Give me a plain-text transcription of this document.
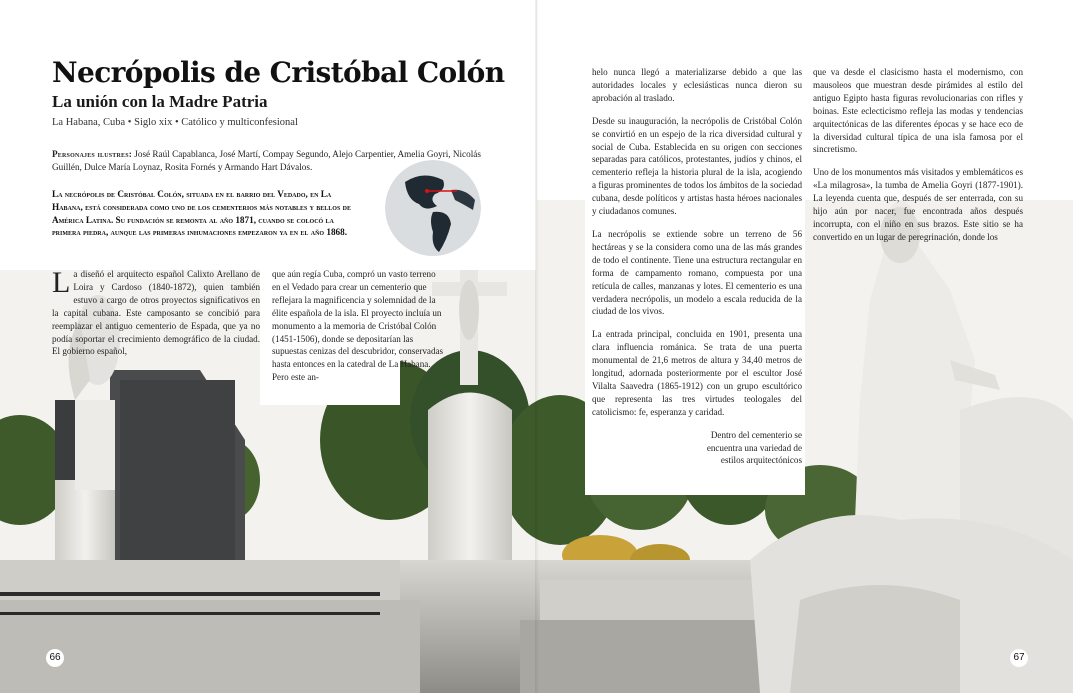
Necrópolis de Cristóbal Colón
La unión con la Madre Patria
La Habana, Cuba • Siglo xix • Católico y multiconfesional
Personajes ilustres: José Raúl Capablanca, José Martí, Compay Segundo, Alejo Carpentier, Amelia Goyri, Nicolás Guillén, Dulce María Loynaz, Rosita Fornés y Armando Hart Dávalos.
La necrópolis de Cristóbal Colón, situada en el barrio del Vedado, en La Habana, está considerada como uno de los cementerios más notables y bellos de América Latina. Su fundación se remonta al año 1871, cuando se colocó la primera piedra, aunque las primeras inhumaciones empezaron ya en el año 1868.
La diseñó el arquitecto español Calixto Arellano de Loira y Cardoso (1840-1872), quien también estuvo a cargo de otros proyectos significativos en la capital cubana. Este camposanto se concibió para reemplazar el antiguo cementerio de Espada, que ya no podía soportar el crecimiento demográfico de la ciudad. El gobierno español,
que aún regía Cuba, compró un vasto terreno en el Vedado para crear un cementerio que reflejara la magnificencia y solemnidad de la élite española de la isla. El proyecto incluía un monumento a la memoria de Cristóbal Colón (1451-1506), donde se depositarían las supuestas cenizas del descubridor, conservadas hasta entonces en la catedral de La Habana. Pero este an-

helo nunca llegó a materializarse debido a que las autoridades locales y eclesiásticas nunca dieron su aprobación al traslado.

Desde su inauguración, la necrópolis de Cristóbal Colón se convirtió en un espejo de la rica diversidad cultural y social de Cuba. Establecida en su origen con secciones separadas para católicos, protestantes, judíos y chinos, el cementerio refleja la historia plural de la isla, acogiendo a figuras prominentes de todos los ámbitos de la sociedad cubana, desde políticos y artistas hasta héroes nacionales y ciudadanos comunes.

La necrópolis se extiende sobre un terreno de 56 hectáreas y se la considera como una de las más grandes de todo el continente. Tiene una estructura rectangular en forma de campamento romano, compuesta por una retícula de calles, manzanas y lotes. El cementerio es una verdadera necrópolis, un modelo a escala reducida de la ciudad de los vivos.

La entrada principal, concluida en 1901, presenta una clara influencia románica. Se trata de una puerta monumental de 21,6 metros de altura y 34,40 metros de longitud, adornada posteriormente por el escultor José Vilalta Saavedra (1865-1912) con un grupo escultórico que representa las tres virtudes teologales del catolicismo: fe, esperanza y caridad.

Dentro del cementerio se encuentra una variedad de estilos arquitectónicos

que va desde el clasicismo hasta el modernismo, con mausoleos que muestran desde pirámides al estilo del antiguo Egipto hasta figuras revolucionarias con rifles y boinas. Este eclecticismo refleja las modas y tendencias arquitectónicas de las diferentes épocas y se hace eco de la diversidad cultural típica de una isla famosa por el sincretismo.

Uno de los monumentos más visitados y emblemáticos es «La milagrosa», la tumba de Amelia Goyri (1877-1901). La leyenda cuenta que, después de ser enterrada, con su hijo aún por nacer, fue encontrada años después incorrupta, con el niño en sus brazos. Este sitio se ha convertido en un lugar de peregrinación, donde los

66	67
